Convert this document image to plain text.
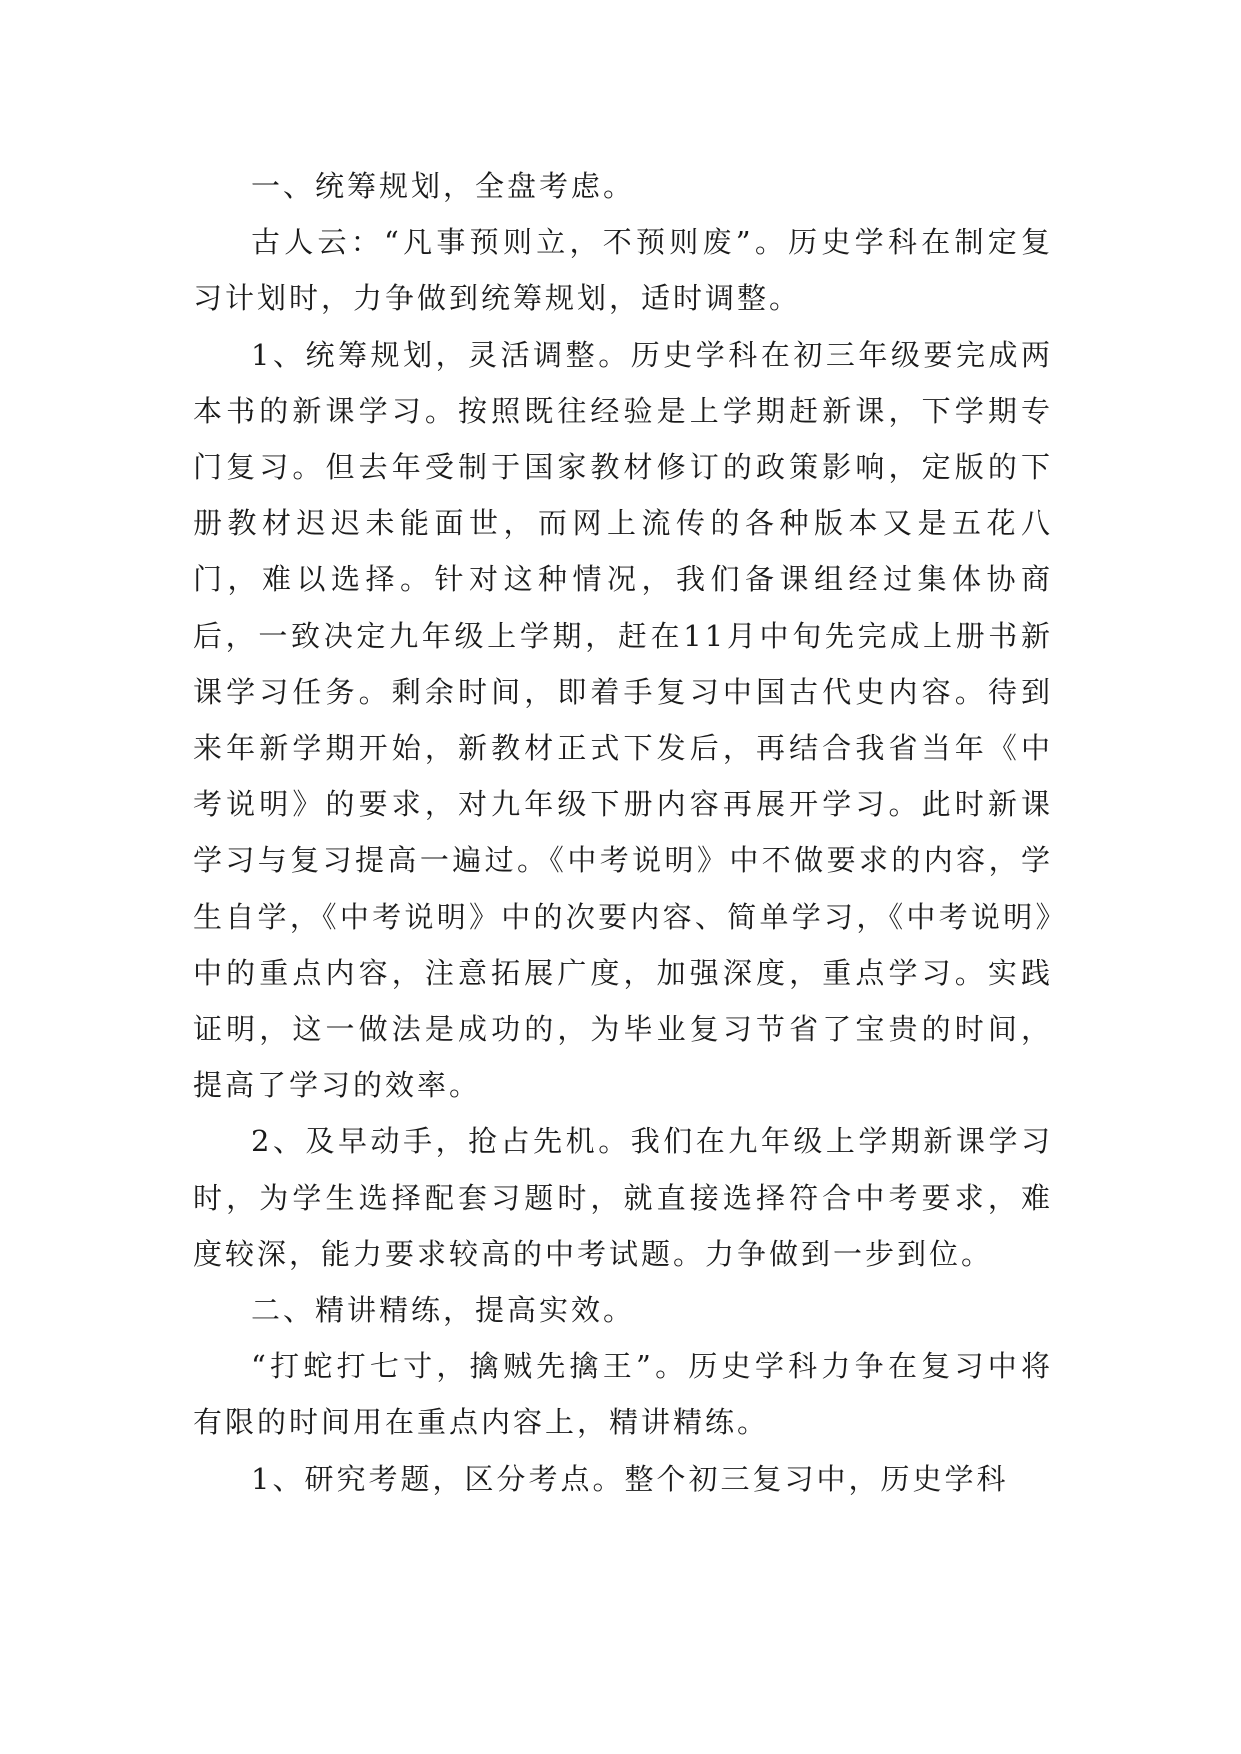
一、统筹规划，全盘考虑。

古人云：“凡事预则立，不预则废”。历史学科在制定复习计划时，力争做到统筹规划，适时调整。

1、统筹规划，灵活调整。历史学科在初三年级要完成两本书的新课学习。按照既往经验是上学期赶新课，下学期专门复习。但去年受制于国家教材修订的政策影响，定版的下册教材迟迟未能面世，而网上流传的各种版本又是五花八门，难以选择。针对这种情况，我们备课组经过集体协商后，一致决定九年级上学期，赶在11月中旬先完成上册书新课学习任务。剩余时间，即着手复习中国古代史内容。待到来年新学期开始，新教材正式下发后，再结合我省当年《中考说明》的要求，对九年级下册内容再展开学习。此时新课学习与复习提高一遍过。《中考说明》中不做要求的内容，学生自学，《中考说明》中的次要内容、简单学习，《中考说明》中的重点内容，注意拓展广度，加强深度，重点学习。实践证明，这一做法是成功的，为毕业复习节省了宝贵的时间，提高了学习的效率。

2、及早动手，抢占先机。我们在九年级上学期新课学习时，为学生选择配套习题时，就直接选择符合中考要求，难度较深，能力要求较高的中考试题。力争做到一步到位。

二、精讲精练，提高实效。

“打蛇打七寸，擒贼先擒王”。历史学科力争在复习中将有限的时间用在重点内容上，精讲精练。

1、研究考题，区分考点。整个初三复习中，历史学科
